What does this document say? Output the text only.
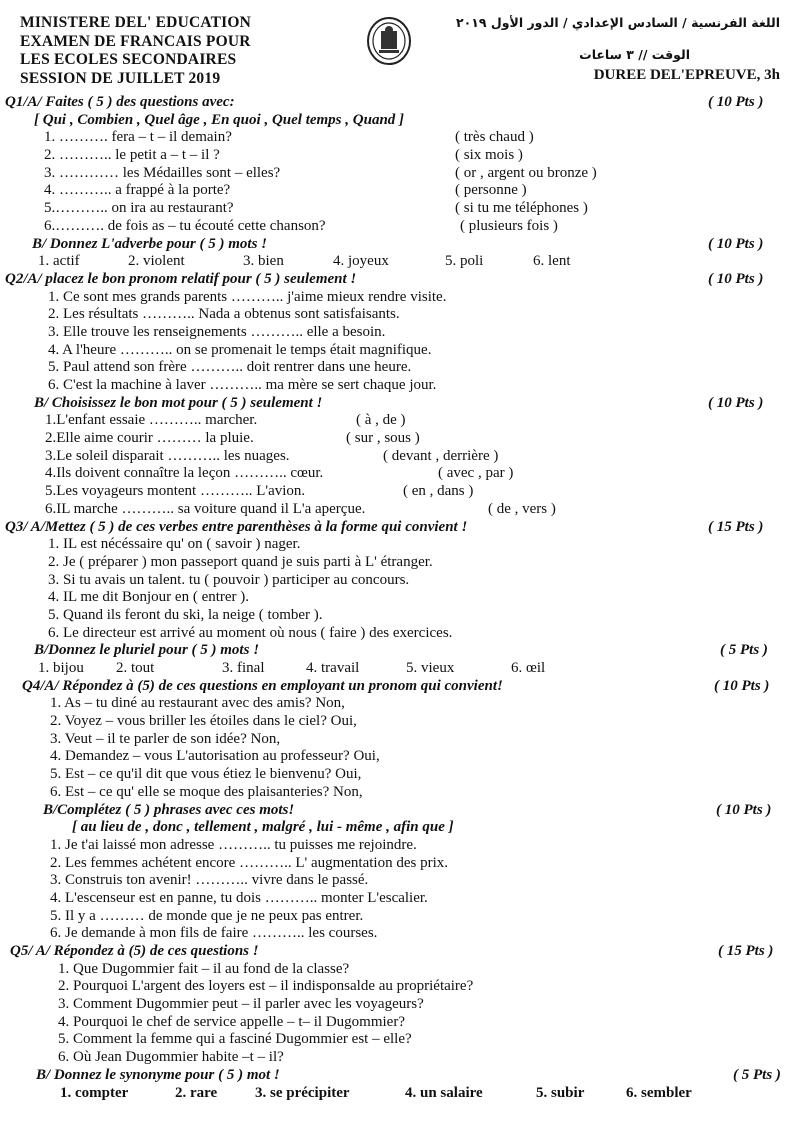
MINISTERE DEL' EDUCATION
EXAMEN DE FRANCAIS POUR
LES ECOLES SECONDAIRES
SESSION DE JUILLET 2019
اللغة الفرنسية / السادس الإعدادي / الدور الأول ٢٠١٩
الوقت // ٣ ساعات
DUREE DEL'EPREUVE, 3h
Q1/A/ Faites ( 5 ) des questions avec:	( 10 Pts )
[ Qui , Combien , Quel âge , En quoi , Quel temps , Quand ]
1. ………. fera – t – il demain?	( très chaud )
2. ……….. le petit a – t – il ?	( six mois )
3. ………… les Médailles sont – elles?	( or , argent ou bronze )
4. ……….. a frappé à la porte?	( personne )
5.……….. on ira au restaurant?	( si tu me téléphones )
6.………. de fois as – tu écouté cette chanson?	( plusieurs fois )
B/ Donnez L'adverbe pour ( 5 ) mots !	( 10 Pts )
1. actif	2. violent	3. bien	4. joyeux	5. poli	6. lent
Q2/A/ placez le bon pronom relatif pour ( 5 ) seulement !	( 10 Pts )
1. Ce sont mes grands parents ……….. j'aime mieux rendre visite.
2. Les résultats ……….. Nada a obtenus sont satisfaisants.
3. Elle trouve les renseignements ……….. elle a besoin.
4. A l'heure ……….. on se promenait le temps était magnifique.
5. Paul attend son frère ……….. doit rentrer dans une heure.
6. C'est la machine à laver ……….. ma mère se sert chaque jour.
B/ Choisissez le bon mot pour ( 5 ) seulement !	( 10 Pts )
1.L'enfant essaie ……….. marcher.	( à , de )
2.Elle aime courir ……… la pluie.	( sur , sous )
3.Le soleil disparait ……….. les nuages.	( devant , derrière )
4.Ils doivent connaître la leçon ……….. cœur.	( avec , par )
5.Les voyageurs montent ……….. L'avion.	( en , dans )
6.IL marche ……….. sa voiture quand il L'a aperçue.	( de , vers )
Q3/ A/Mettez ( 5 ) de ces verbes entre parenthèses à la forme qui convient !	( 15 Pts )
1. IL est nécéssaire qu' on ( savoir ) nager.
2. Je ( préparer ) mon passeport quand je suis parti à L' étranger.
3. Si tu avais un talent. tu ( pouvoir ) participer au concours.
4. IL me dit Bonjour en ( entrer ).
5. Quand ils feront du ski, la neige ( tomber ).
6. Le directeur est arrivé au moment où nous ( faire ) des exercices.
B/Donnez le pluriel pour ( 5 ) mots !	( 5 Pts )
1. bijou 2. tout	3. final	4. travail	5. vieux	6. œil
Q4/A/ Répondez à (5) de ces questions en employant un pronom qui convient!	( 10 Pts )
1. As – tu diné au restaurant avec des amis? Non,
2. Voyez – vous briller les étoiles dans le ciel? Oui,
3. Veut – il te parler de son idée? Non,
4. Demandez – vous L'autorisation au professeur? Oui,
5. Est – ce qu'il dit que vous étiez le bienvenu? Oui,
6. Est – ce qu' elle se moque des plaisanteries? Non,
B/Complétez ( 5 ) phrases avec ces mots!	( 10 Pts )
[ au lieu de , donc , tellement , malgré , lui - même , afin que ]
1. Je t'ai laissé mon adresse ……….. tu puisses me rejoindre.
2. Les femmes achétent encore ……….. L' augmentation des prix.
3. Construis ton avenir! ……….. vivre dans le passé.
4. L'escenseur est en panne, tu dois ……….. monter L'escalier.
5. Il y a ……… de monde que je ne peux pas entrer.
6. Je demande à mon fils de faire ……….. les courses.
Q5/ A/ Répondez à (5) de ces questions !	( 15 Pts )
1. Que Dugommier fait – il au fond de la classe?
2. Pourquoi L'argent des loyers est – il indisponsalde au propriétaire?
3. Comment Dugommier peut – il parler avec les voyageurs?
4. Pourquoi le chef de service appelle – t– il Dugommier?
5. Comment la femme qui a fasciné Dugommier est – elle?
6. Où Jean Dugommier habite –t – il?
B/ Donnez le synonyme pour ( 5 ) mot !	( 5 Pts )
1. compter	2. rare	3. se précipiter	4. un salaire	5. subir	6. sembler
